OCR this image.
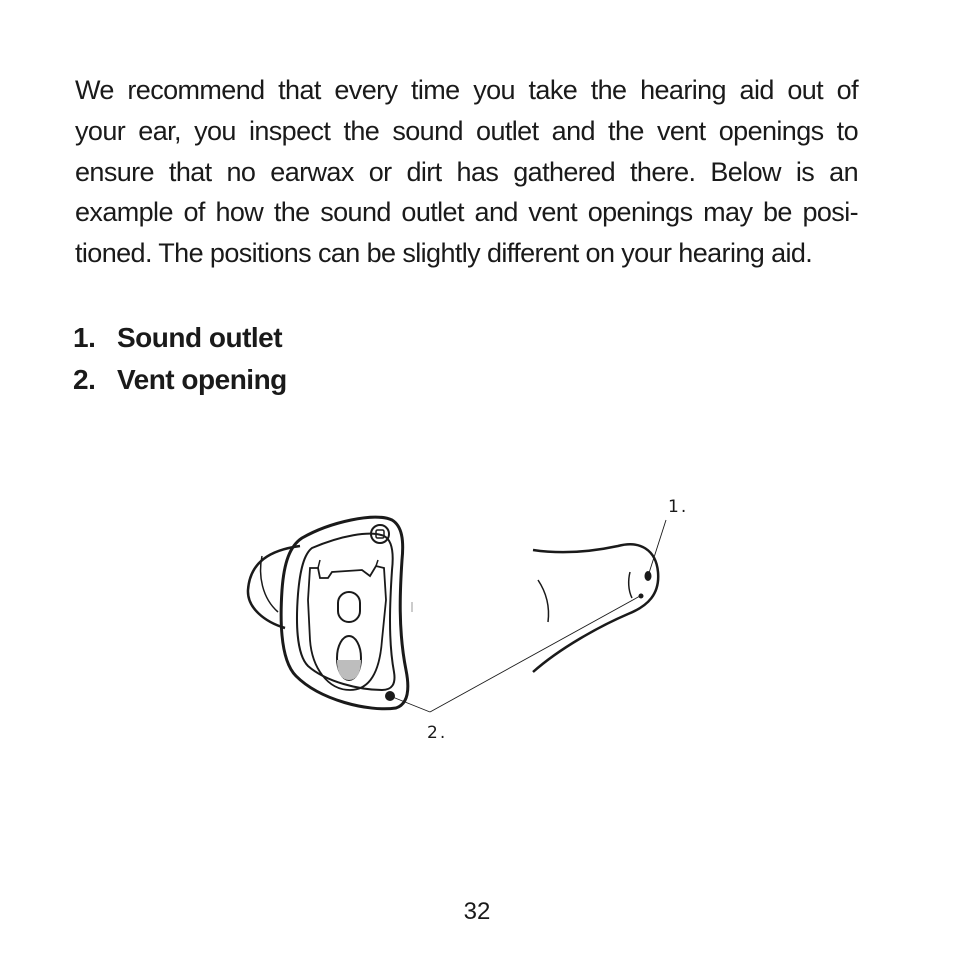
We recommend that every time you take the hearing aid out of
your ear, you inspect the sound outlet and the vent openings to
ensure that no earwax or dirt has gathered there. Below is an
example of how the sound outlet and vent openings may be posi-
tioned. The positions can be slightly different on your hearing aid.
1. Sound outlet
2. Vent opening
1.
2.
32
